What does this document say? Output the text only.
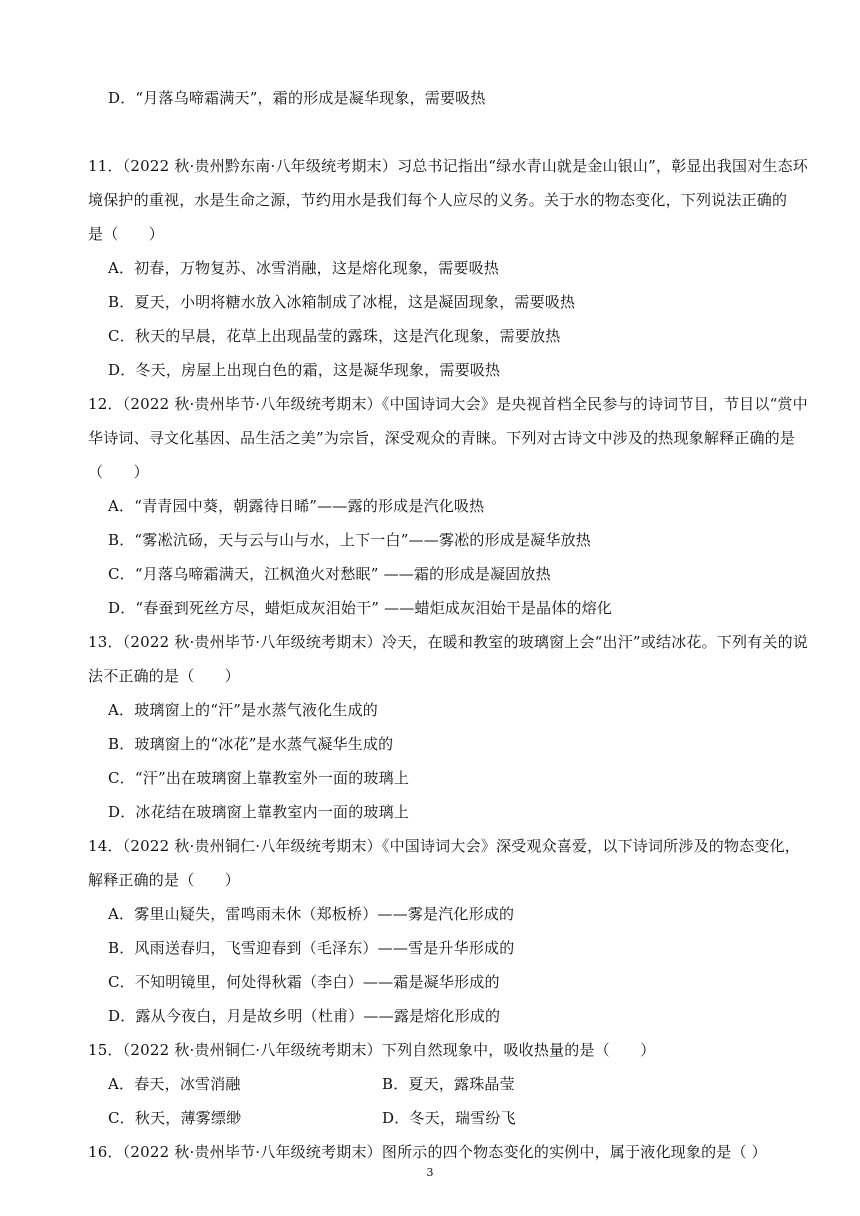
D．“月落乌啼霜满天”，霜的形成是凝华现象，需要吸热
11．（2022 秋·贵州黔东南·八年级统考期末）习总书记指出“绿水青山就是金山银山”，彰显出我国对生态环
境保护的重视，水是生命之源，节约用水是我们每个人应尽的义务。关于水的物态变化，下列说法正确的
是（　　）
A．初春，万物复苏、冰雪消融，这是熔化现象，需要吸热
B．夏天，小明将糖水放入冰箱制成了冰棍，这是凝固现象，需要吸热
C．秋天的早晨，花草上出现晶莹的露珠，这是汽化现象，需要放热
D．冬天，房屋上出现白色的霜，这是凝华现象，需要吸热
12．（2022 秋·贵州毕节·八年级统考期末）《中国诗词大会》是央视首档全民参与的诗词节目，节目以“赏中
华诗词、寻文化基因、品生活之美”为宗旨，深受观众的青睐。下列对古诗文中涉及的热现象解释正确的是
（　　）
A．“青青园中葵，朝露待日晞”——露的形成是汽化吸热
B．“雾凇沆砀，天与云与山与水，上下一白”——雾凇的形成是凝华放热
C．“月落乌啼霜满天，江枫渔火对愁眠” ——霜的形成是凝固放热
D．“春蚕到死丝方尽，蜡炬成灰泪始干” ——蜡炬成灰泪始干是晶体的熔化
13．（2022 秋·贵州毕节·八年级统考期末）冷天，在暖和教室的玻璃窗上会“出汗”或结冰花。下列有关的说
法不正确的是（　　）
A．玻璃窗上的“汗”是水蒸气液化生成的
B．玻璃窗上的“冰花”是水蒸气凝华生成的
C．“汗”出在玻璃窗上靠教室外一面的玻璃上
D．冰花结在玻璃窗上靠教室内一面的玻璃上
14．（2022 秋·贵州铜仁·八年级统考期末）《中国诗词大会》深受观众喜爱，以下诗词所涉及的物态变化，
解释正确的是（　　）
A．雾里山疑失，雷鸣雨未休（郑板桥）——雾是汽化形成的
B．风雨送春归，飞雪迎春到（毛泽东）——雪是升华形成的
C．不知明镜里，何处得秋霜（李白）——霜是凝华形成的
D．露从今夜白，月是故乡明（杜甫）——露是熔化形成的
15．（2022 秋·贵州铜仁·八年级统考期末）下列自然现象中，吸收热量的是（　　）
A．春天，冰雪消融	B．夏天，露珠晶莹
C．秋天，薄雾缥缈	D．冬天，瑞雪纷飞
16．（2022 秋·贵州毕节·八年级统考期末）图所示的四个物态变化的实例中，属于液化现象的是（ ）
3
